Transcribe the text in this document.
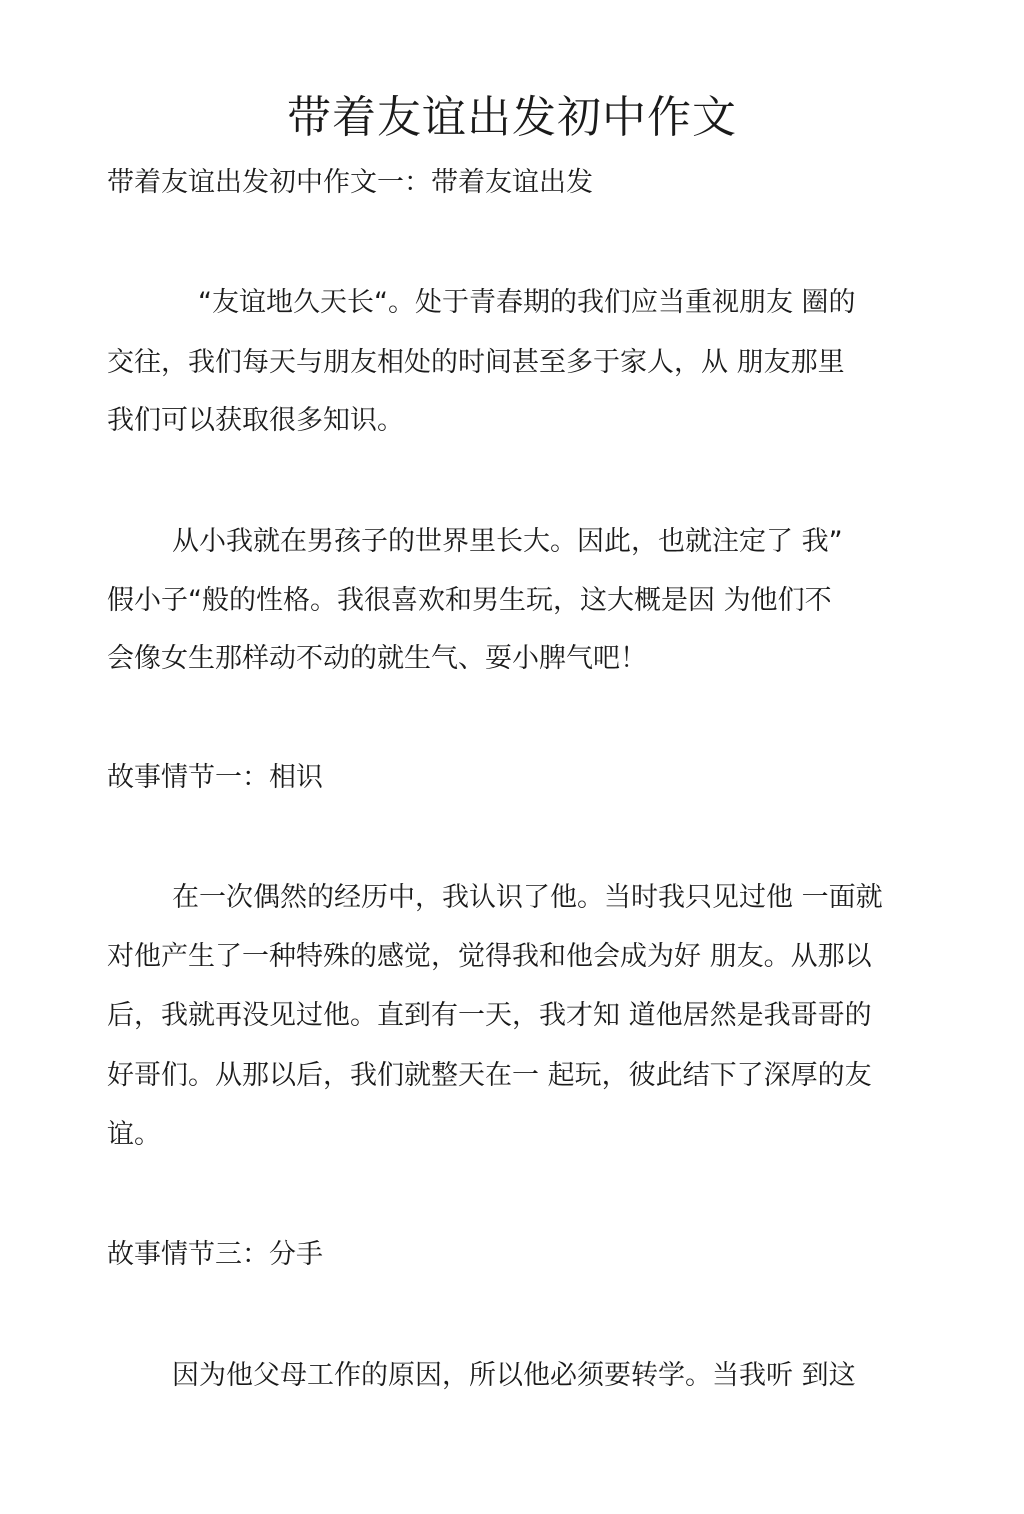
带着友谊出发初中作文

带着友谊出发初中作文一：带着友谊出发

“友谊地久天长“。处于青春期的我们应当重视朋友 圈的

交往，我们每天与朋友相处的时间甚至多于家人，从 朋友那里

我们可以获取很多知识。

从小我就在男孩子的世界里长大。因此，也就注定了 我”

假小子“般的性格。我很喜欢和男生玩，这大概是因 为他们不

会像女生那样动不动的就生气、耍小脾气吧！

故事情节一：相识

在一次偶然的经历中，我认识了他。当时我只见过他 一面就

对他产生了一种特殊的感觉，觉得我和他会成为好 朋友。从那以

后，我就再没见过他。直到有一天，我才知 道他居然是我哥哥的

好哥们。从那以后，我们就整天在一 起玩，彼此结下了深厚的友

谊。

故事情节三：分手

因为他父母工作的原因，所以他必须要转学。当我听 到这
